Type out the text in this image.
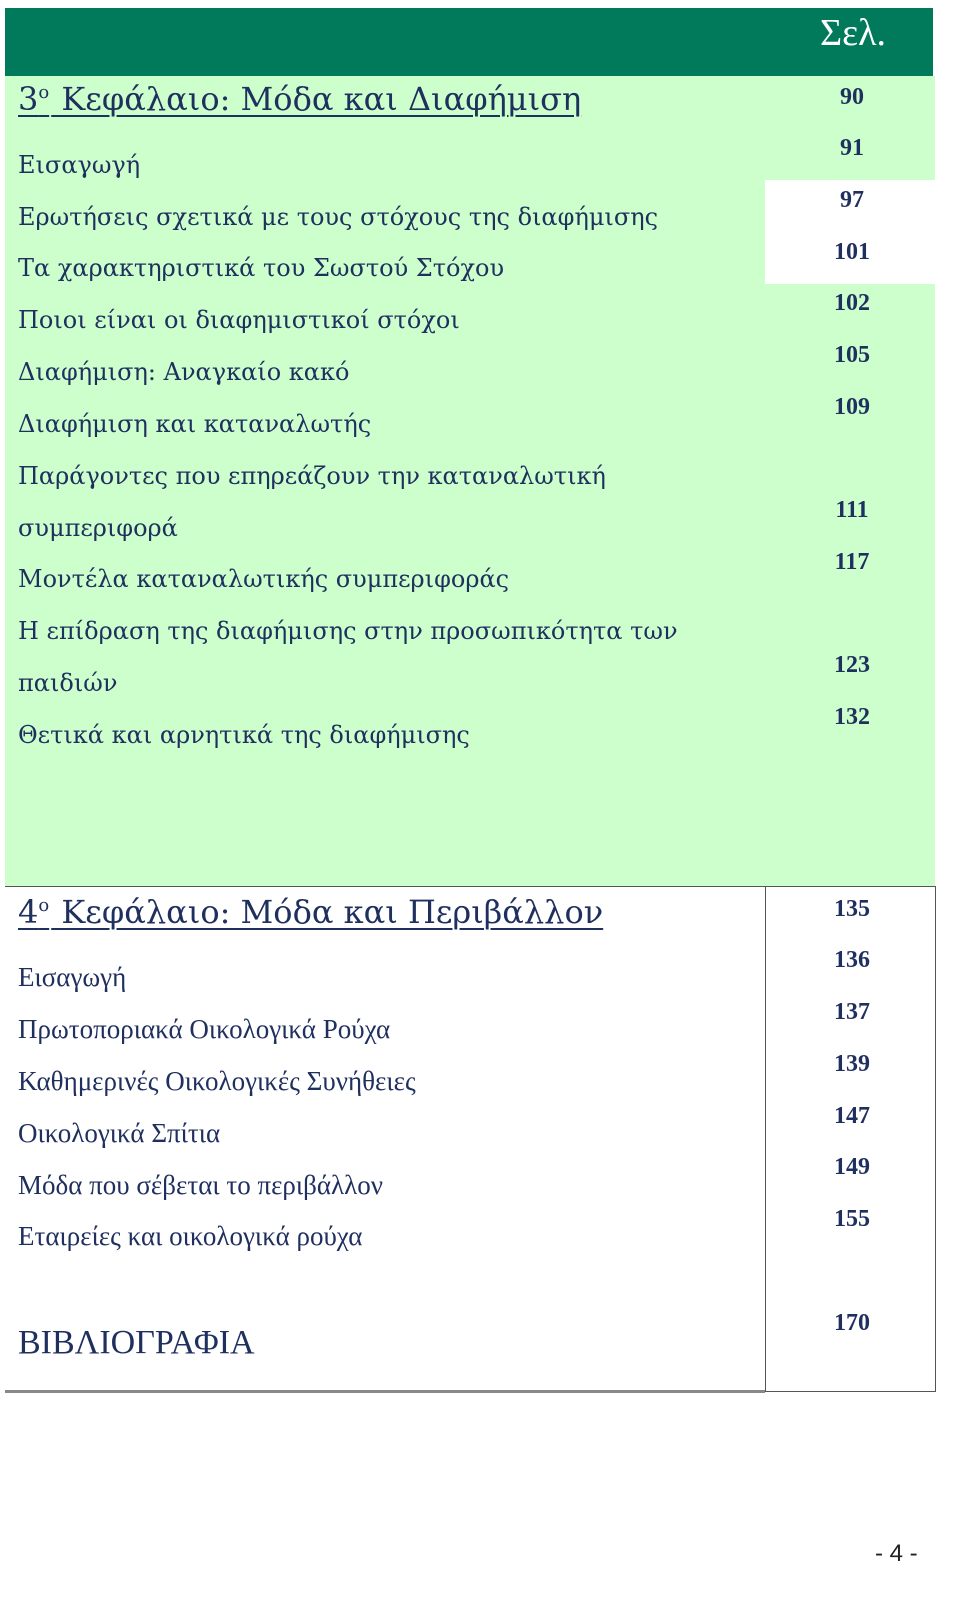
Σελ.
$3^o$ Κεφάλαιο: Μόδα και Διαφήμιση	90
Εισαγωγή
91
Ερωτήσεις σχετικά με τους στόχους της διαφήμισης
97
Τα χαρακτηριστικά του Σωστού Στόχου
101
Ποιοι είναι οι διαφημιστικοί στόχοι
102
Διαφήμιση: Αναγκαίο κακό
105
Διαφήμιση και καταναλωτής
109
Παράγοντες που επηρεάζουν την καταναλωτική
συμπεριφορά
111
Μοντέλα καταναλωτικής συμπεριφοράς
117
Η επίδραση της διαφήμισης στην προσωπικότητα των
παιδιών
123
Θετικά και αρνητικά της διαφήμισης
132
$4^o$ Κεφάλαιο: Μόδα και Περιβάλλον	135
Εισαγωγή
136
Πρωτοποριακά Οικολογικά Ρούχα
137
Καθημερινές Οικολογικές Συνήθειες
139
Οικολογικά Σπίτια
147
Μόδα που σέβεται το περιβάλλον
149
Εταιρείες και οικολογικά ρούχα
155
ΒΙΒΛΙΟΓΡΑΦΙΑ
170
- 4 -
